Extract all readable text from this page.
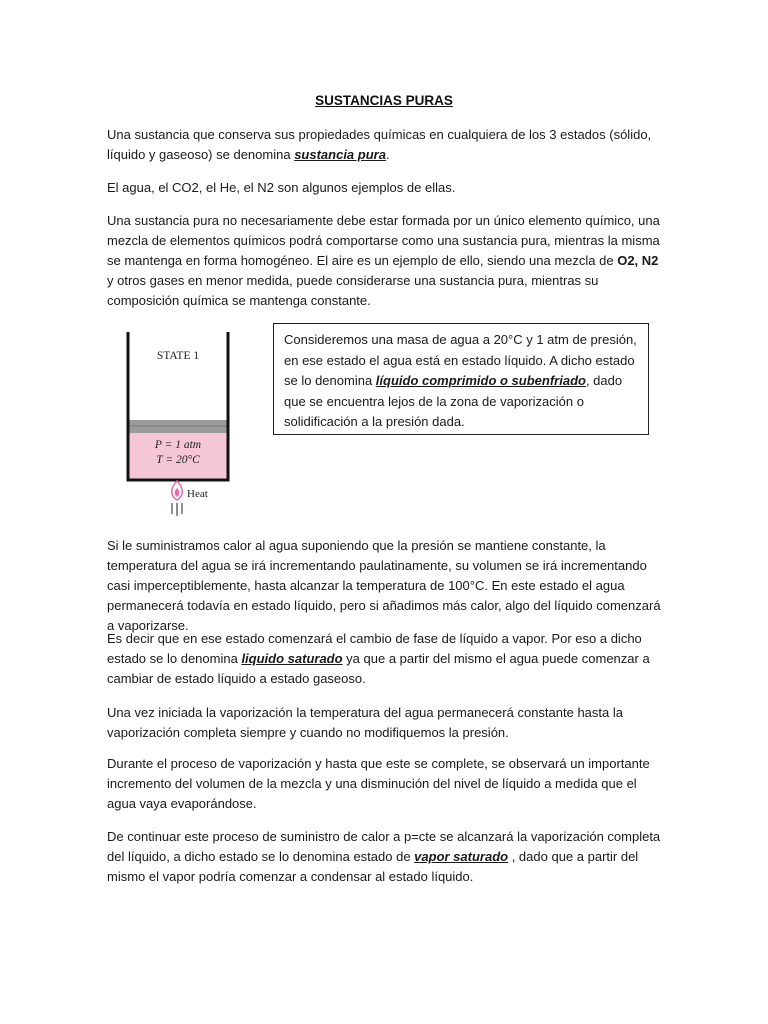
SUSTANCIAS PURAS

Una sustancia que conserva sus propiedades químicas en cualquiera de los 3 estados (sólido, líquido y gaseoso) se denomina sustancia pura.

El agua, el CO2, el He, el N2 son algunos ejemplos de ellas.

Una sustancia pura no necesariamente debe estar formada por un único elemento químico, una mezcla de elementos químicos podrá comportarse como una sustancia pura, mientras la misma se mantenga en forma homogéneo. El aire es un ejemplo de ello, siendo una mezcla de O2, N2 y otros gases en menor medida, puede considerarse una sustancia pura, mientras su composición química se mantenga constante.

STATE 1
P = 1 atm
T = 20°C
Heat
Consideremos una masa de agua a 20°C y 1 atm de presión, en ese estado el agua está en estado líquido. A dicho estado se lo denomina líquido comprimido o subenfriado, dado que se encuentra lejos de la zona de vaporización o solidificación a la presión dada.

Si le suministramos calor al agua suponiendo que la presión se mantiene constante, la temperatura del agua se irá incrementando paulatinamente, su volumen se irá incrementando casi imperceptiblemente, hasta alcanzar la temperatura de 100°C. En este estado el agua permanecerá todavía en estado líquido, pero si añadimos más calor, algo del líquido comenzará a vaporizarse.

Es decir que en ese estado comenzará el cambio de fase de líquido a vapor. Por eso a dicho estado se lo denomina liquido saturado ya que a partir del mismo el agua puede comenzar a cambiar de estado líquido a estado gaseoso.

Una vez iniciada la vaporización la temperatura del agua permanecerá constante hasta la vaporización completa siempre y cuando no modifiquemos la presión.

Durante el proceso de vaporización y hasta que este se complete, se observará un importante incremento del volumen de la mezcla y una disminución del nivel de líquido a medida que el agua vaya evaporándose.

De continuar este proceso de suministro de calor a p=cte se alcanzará la vaporización completa del líquido, a dicho estado se lo denomina estado de vapor saturado , dado que a partir del mismo el vapor podría comenzar a condensar al estado líquido.
